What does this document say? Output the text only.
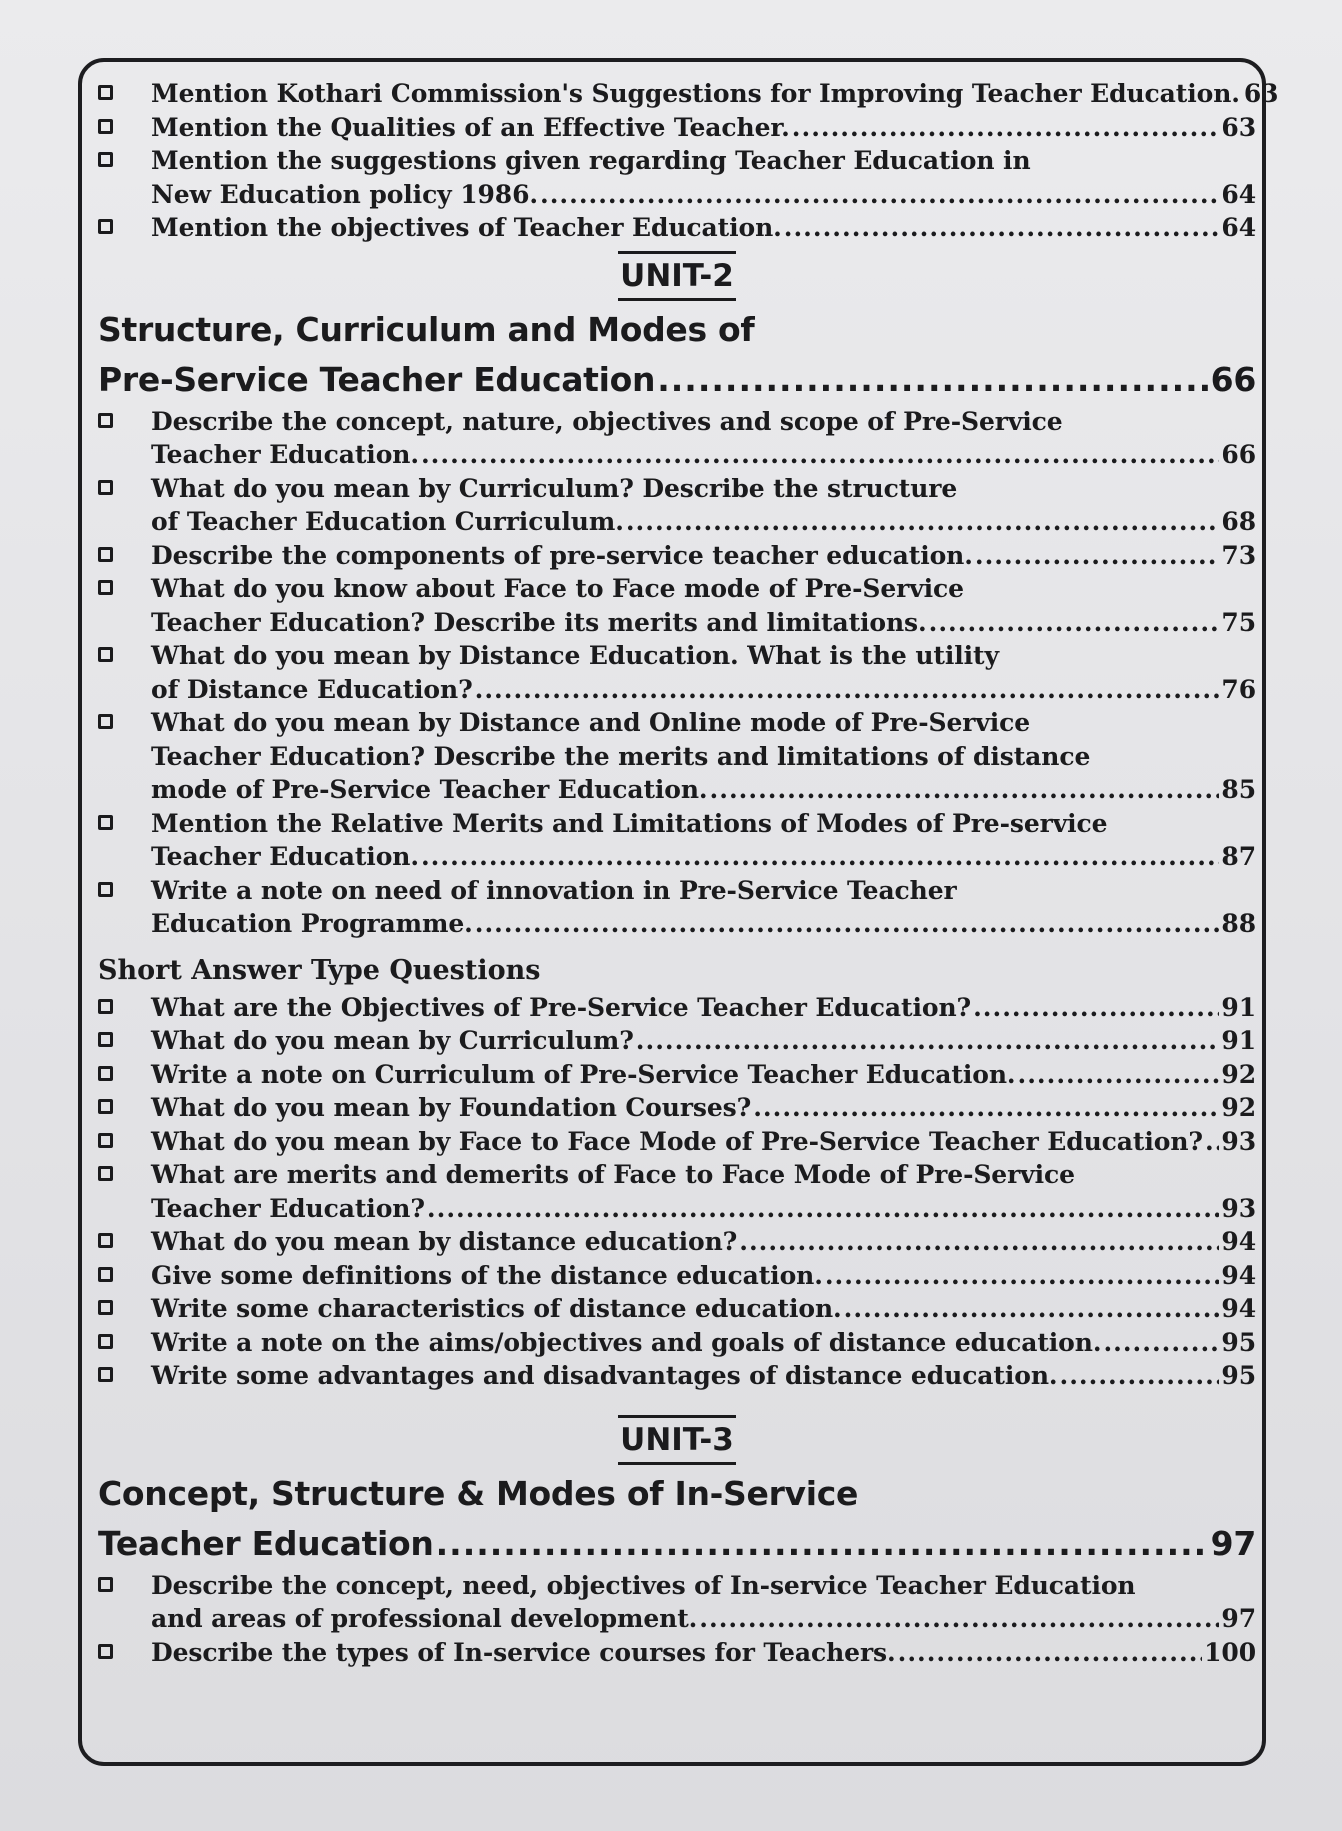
Mention Kothari Commission's Suggestions for Improving Teacher Education. 63
Mention the Qualities of an Effective Teacher. .....	63
Mention the suggestions given regarding Teacher Education in
New Education policy 1986. .....	64
Mention the objectives of Teacher Education. .....	64
UNIT-2
Structure, Curriculum and Modes of
Pre-Service Teacher Education .....	66
Describe the concept, nature, objectives and scope of Pre-Service
Teacher Education. .....	66
What do you mean by Curriculum? Describe the structure
of Teacher Education Curriculum. .....	68
Describe the components of pre-service teacher education. .....	73
What do you know about Face to Face mode of Pre-Service
Teacher Education? Describe its merits and limitations. .....	75
What do you mean by Distance Education. What is the utility
of Distance Education? .....	76
What do you mean by Distance and Online mode of Pre-Service
Teacher Education? Describe the merits and limitations of distance
mode of Pre-Service Teacher Education. .....	85
Mention the Relative Merits and Limitations of Modes of Pre-service
Teacher Education. .....	87
Write a note on need of innovation in Pre-Service Teacher
Education Programme. .....	88
Short Answer Type Questions
What are the Objectives of Pre-Service Teacher Education? .....	91
What do you mean by Curriculum? .....	91
Write a note on Curriculum of Pre-Service Teacher Education. .....	92
What do you mean by Foundation Courses? .....	92
What do you mean by Face to Face Mode of Pre-Service Teacher Education? ..... 93
What are merits and demerits of Face to Face Mode of Pre-Service
Teacher Education? .....	93
What do you mean by distance education? .....	94
Give some definitions of the distance education. .....	94
Write some characteristics of distance education. .....	94
Write a note on the aims/objectives and goals of distance education. .....	95
Write some advantages and disadvantages of distance education. .....	95
UNIT-3
Concept, Structure & Modes of In-Service
Teacher Education .....	97
Describe the concept, need, objectives of In-service Teacher Education
and areas of professional development. .....	97
Describe the types of In-service courses for Teachers. .....	100
